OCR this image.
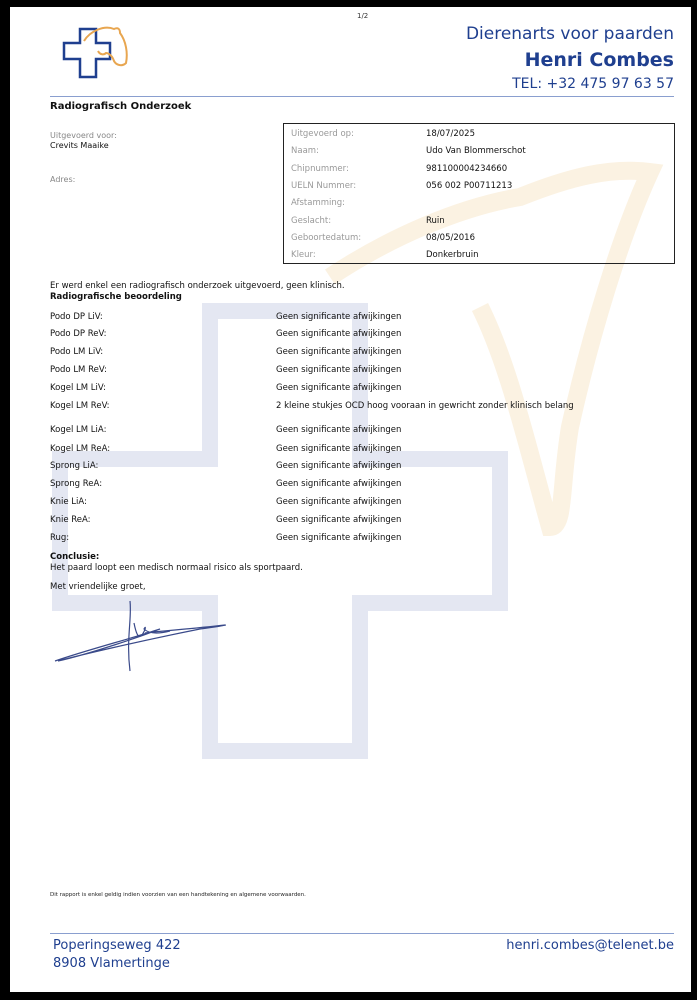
1/2
Dierenarts voor paarden
Henri Combes
TEL: +32 475 97 63 57
Radiografisch Onderzoek
Uitgevoerd voor:
Crevits Maaike
Adres:
Uitgevoerd op:	18/07/2025
Naam:	Udo Van Blommerschot
Chipnummer:	981100004234660
UELN Nummer:	056 002 P00711213
Afstamming:
Geslacht:	Ruin
Geboortedatum:	08/05/2016
Kleur:	Donkerbruin
Er werd enkel een radiografisch onderzoek uitgevoerd, geen klinisch.
Radiografische beoordeling
Podo DP LiV:	Geen significante afwijkingen
Podo DP ReV:	Geen significante afwijkingen
Podo LM LiV:	Geen significante afwijkingen
Podo LM ReV:	Geen significante afwijkingen
Kogel LM LiV:	Geen significante afwijkingen
Kogel LM ReV:	2 kleine stukjes OCD hoog vooraan in gewricht zonder klinisch belang
Kogel LM LiA:	Geen significante afwijkingen
Kogel LM ReA:	Geen significante afwijkingen
Sprong LiA:	Geen significante afwijkingen
Sprong ReA:	Geen significante afwijkingen
Knie LiA:	Geen significante afwijkingen
Knie ReA:	Geen significante afwijkingen
Rug:	Geen significante afwijkingen
Conclusie:
Het paard loopt een medisch normaal risico als sportpaard.
Met vriendelijke groet,
Dit rapport is enkel geldig indien voorzien van een handtekening en algemene voorwaarden.
Poperingseweg 422
8908 Vlamertinge
henri.combes@telenet.be
